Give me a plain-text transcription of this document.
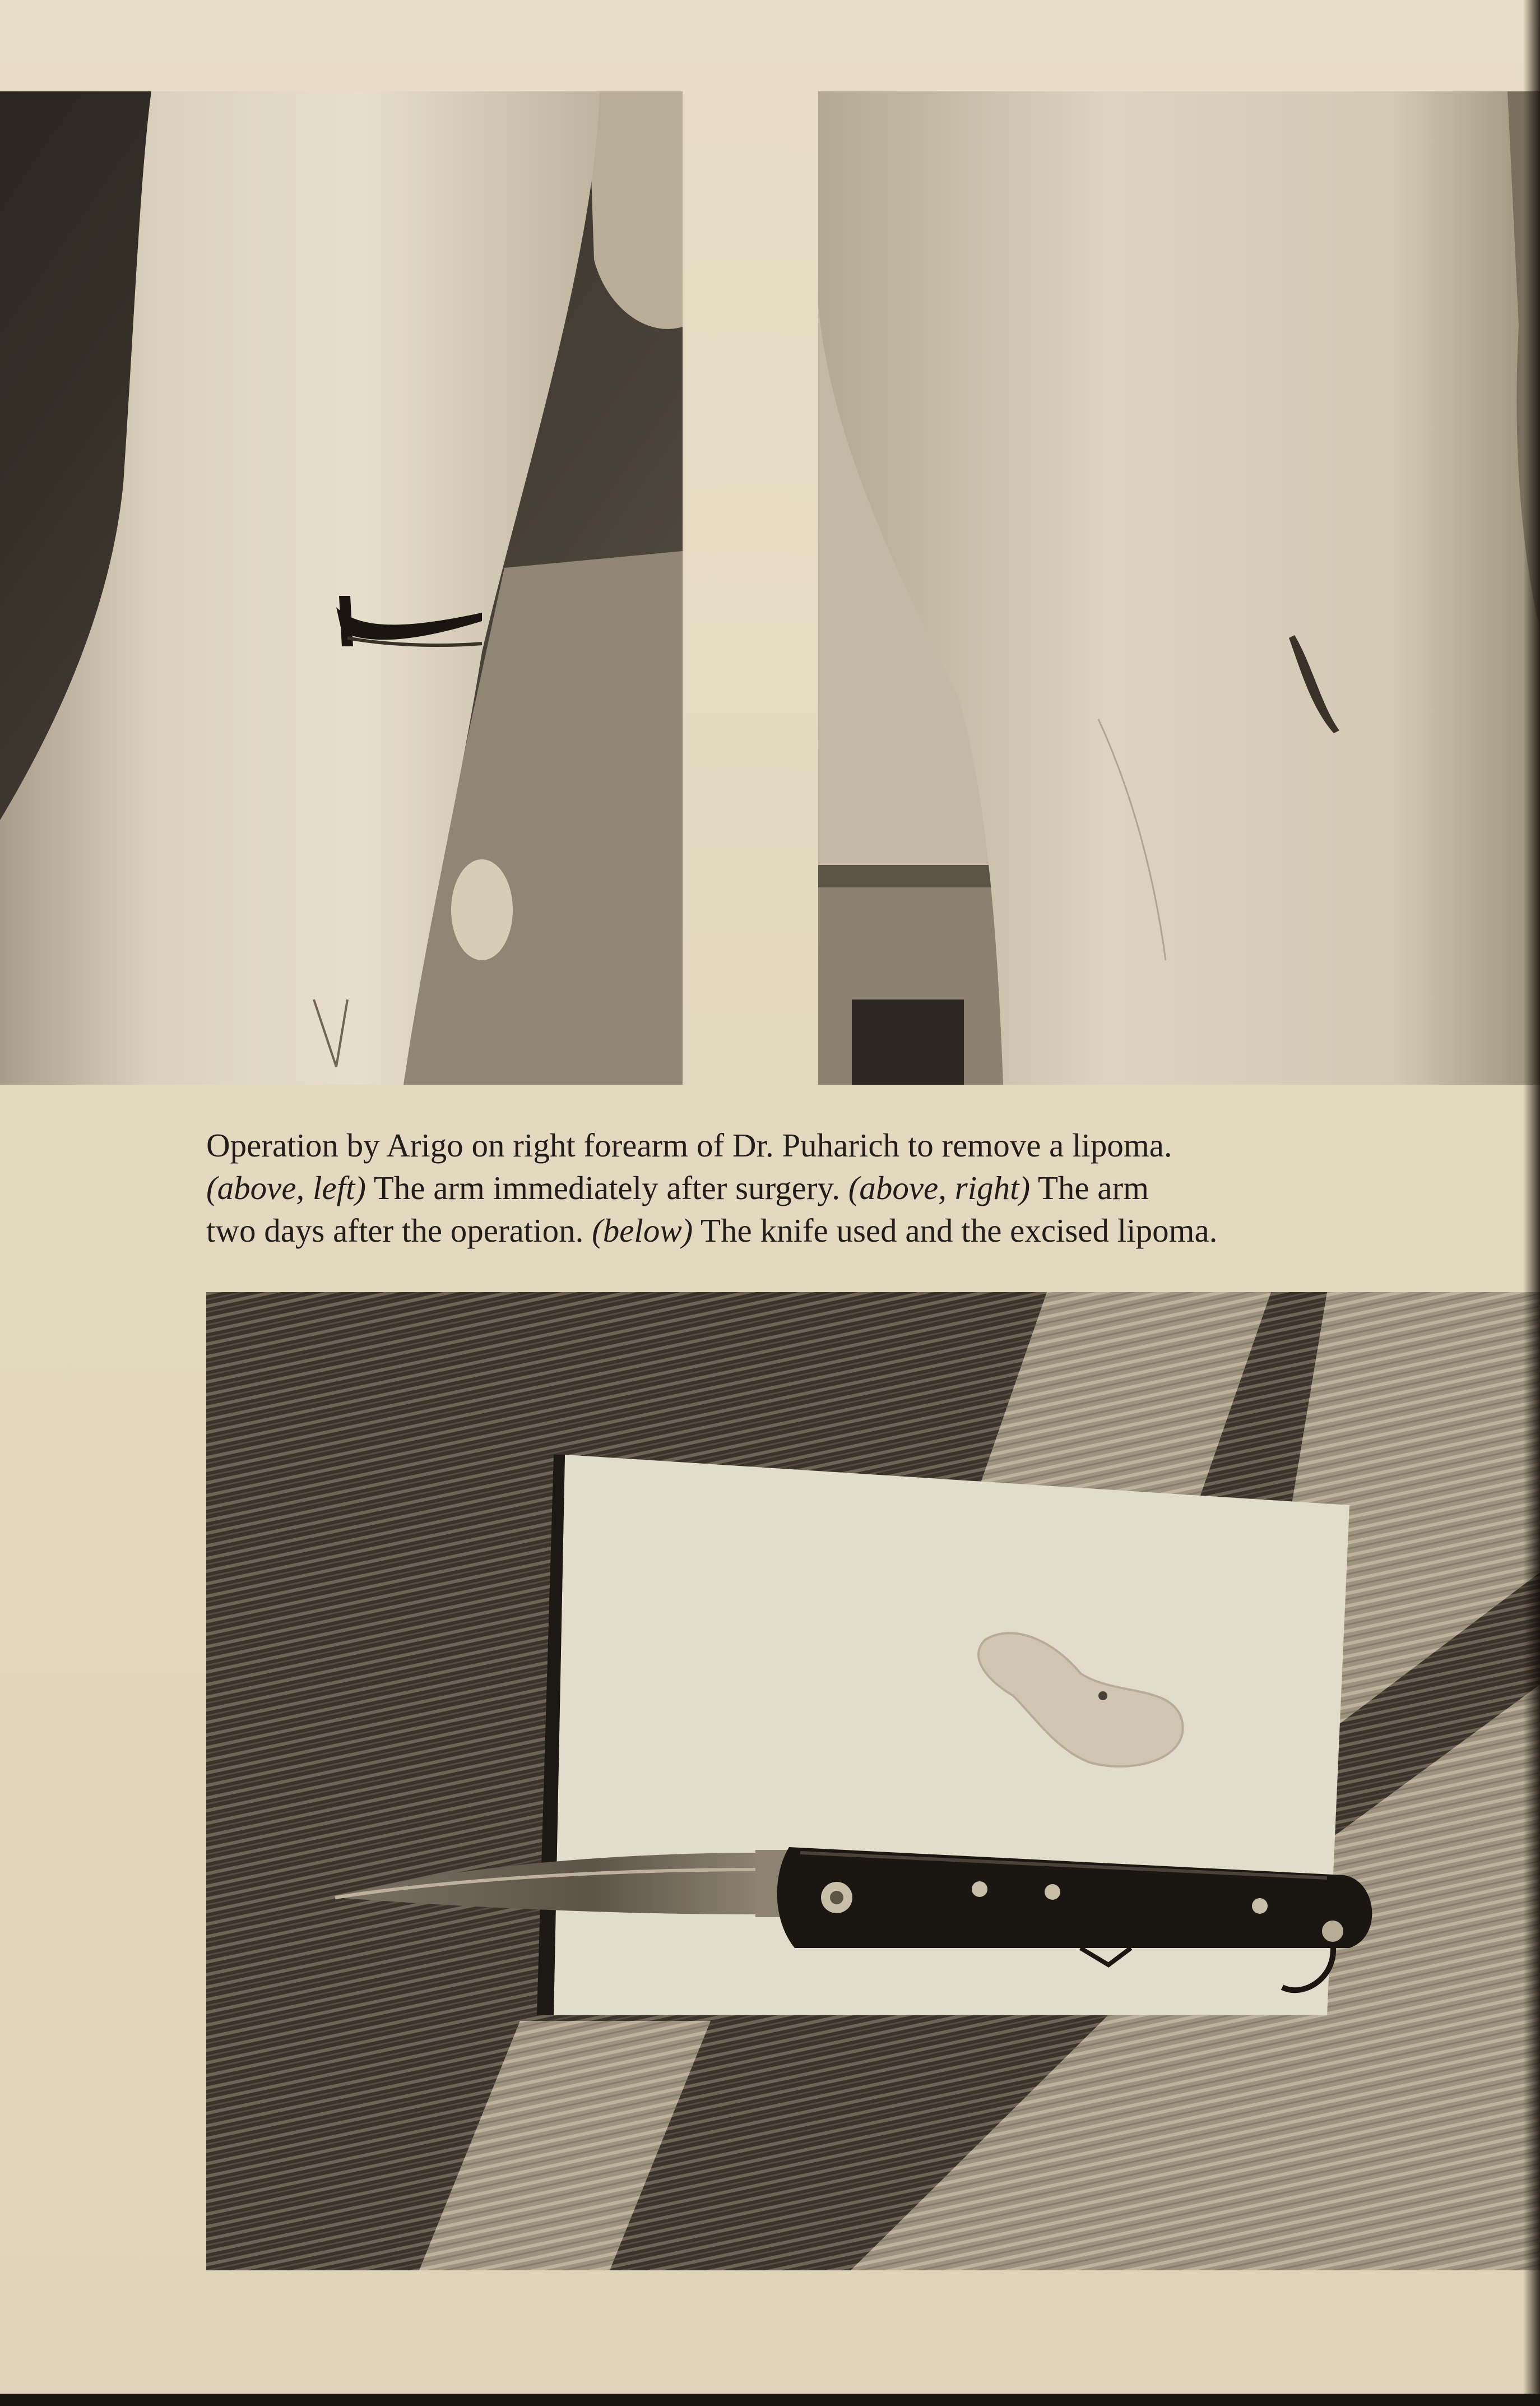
Operation by Arigo on right forearm of Dr. Puharich to remove a lipoma.
(above, left) The arm immediately after surgery. (above, right) The arm
two days after the operation. (below) The knife used and the excised lipoma.
